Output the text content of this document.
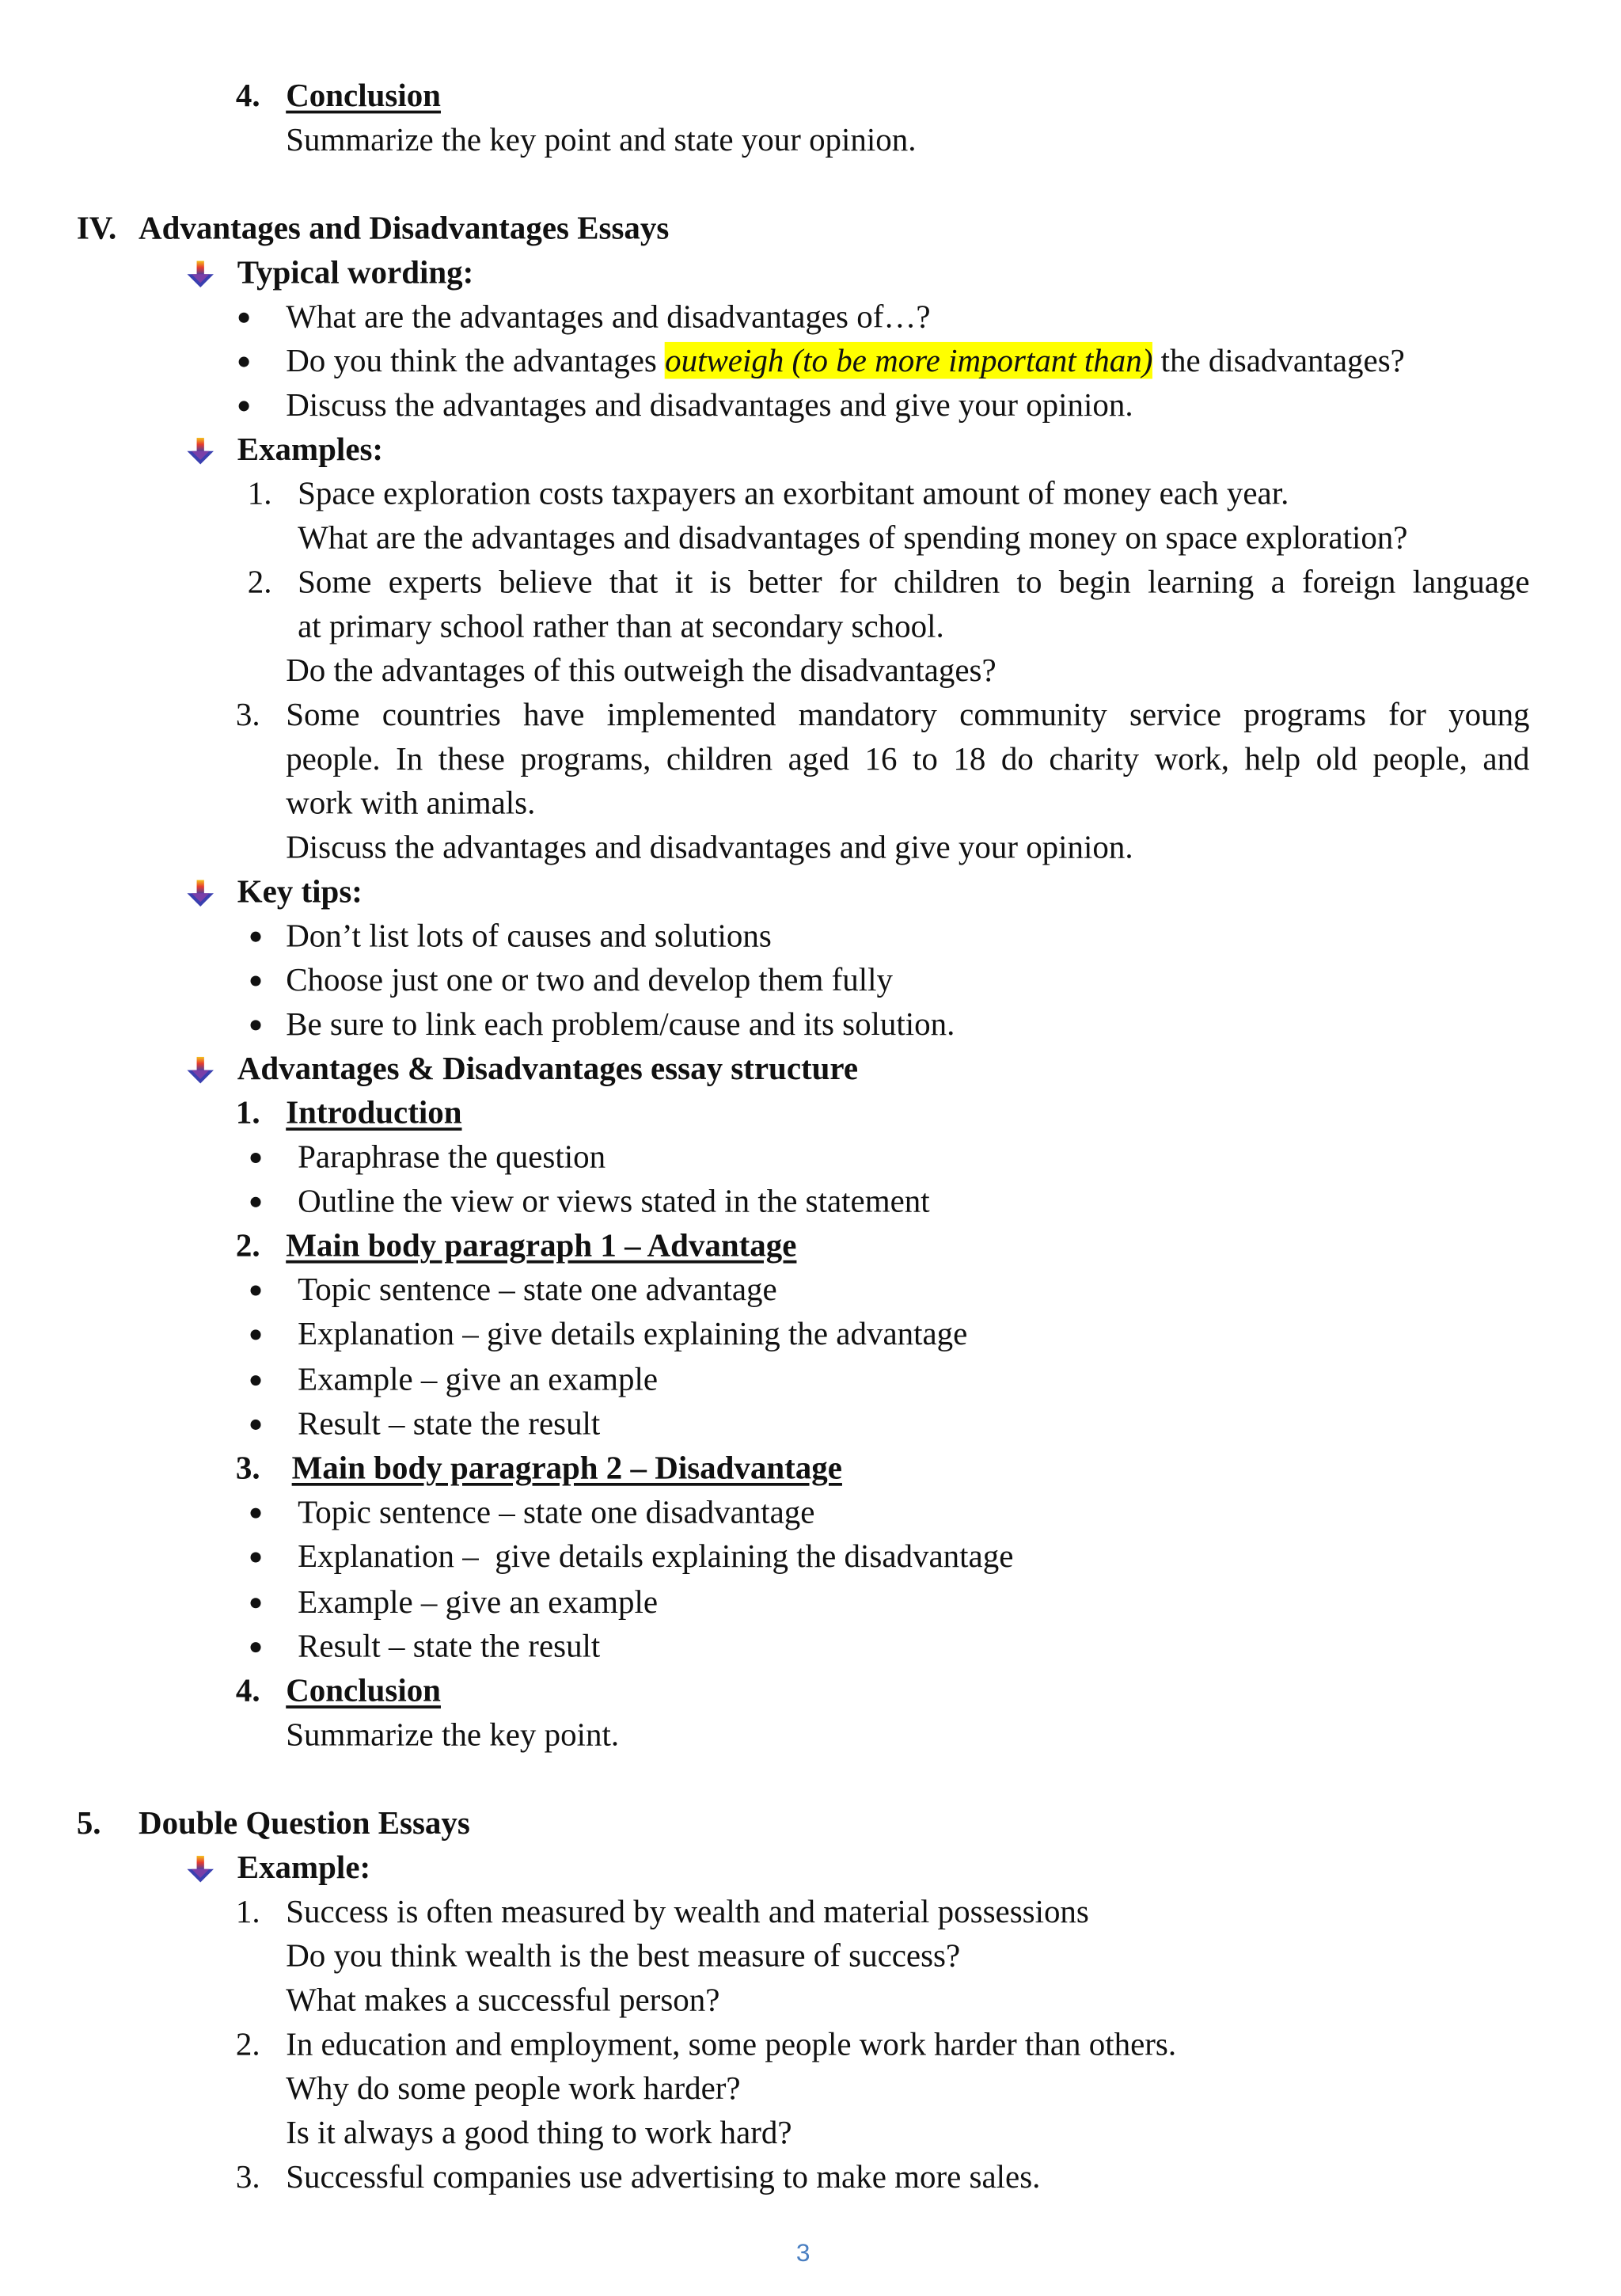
4. Conclusion
Summarize the key point and state your opinion.
IV. Advantages and Disadvantages Essays
Typical wording:
What are the advantages and disadvantages of…?
Do you think the advantages outweigh (to be more important than) the disadvantages?
Discuss the advantages and disadvantages and give your opinion.
Examples:
1. Space exploration costs taxpayers an exorbitant amount of money each year.
What are the advantages and disadvantages of spending money on space exploration?
2. Some experts believe that it is better for children to begin learning a foreign language
at primary school rather than at secondary school.
Do the advantages of this outweigh the disadvantages?
3. Some countries have implemented mandatory community service programs for young
people. In these programs, children aged 16 to 18 do charity work, help old people, and
work with animals.
Discuss the advantages and disadvantages and give your opinion.
Key tips:
Don’t list lots of causes and solutions
Choose just one or two and develop them fully
Be sure to link each problem/cause and its solution.
Advantages & Disadvantages essay structure
1. Introduction
Paraphrase the question
Outline the view or views stated in the statement
2. Main body paragraph 1 – Advantage
Topic sentence – state one advantage
Explanation – give details explaining the advantage
Example – give an example
Result – state the result
3. Main body paragraph 2 – Disadvantage
Topic sentence – state one disadvantage
Explanation –  give details explaining the disadvantage
Example – give an example
Result – state the result
4. Conclusion
Summarize the key point.
5. Double Question Essays
Example:
1. Success is often measured by wealth and material possessions
Do you think wealth is the best measure of success?
What makes a successful person?
2. In education and employment, some people work harder than others.
Why do some people work harder?
Is it always a good thing to work hard?
3. Successful companies use advertising to make more sales.
3
